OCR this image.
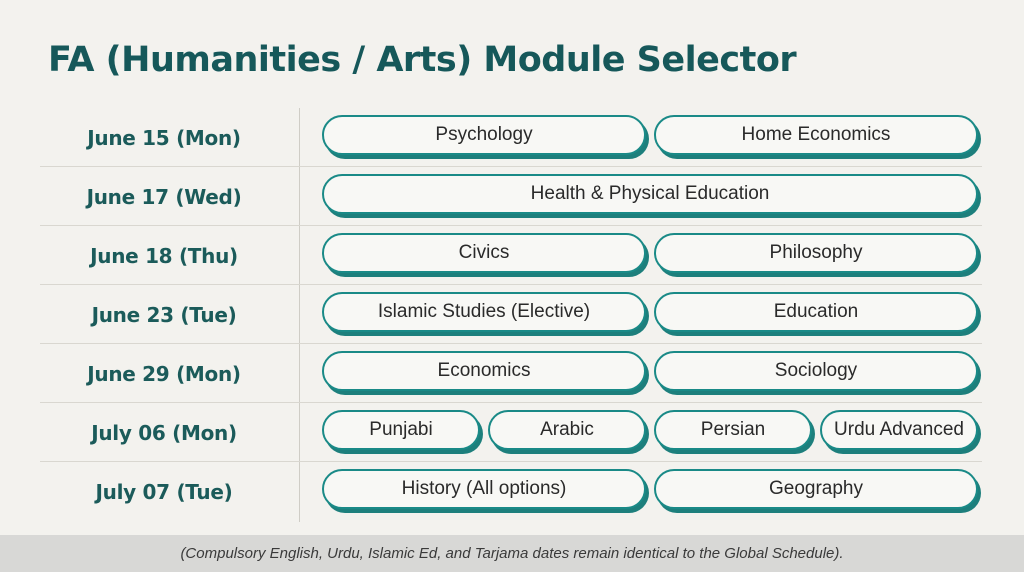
FA (Humanities / Arts) Module Selector
June 15 (Mon)	Psychology	Home Economics
June 17 (Wed)	Health & Physical Education
June 18 (Thu)	Civics	Philosophy
June 23 (Tue)	Islamic Studies (Elective)	Education
June 29 (Mon)	Economics	Sociology
July 06 (Mon)	Punjabi	Arabic	Persian	Urdu Advanced
July 07 (Tue)	History (All options)	Geography
(Compulsory English, Urdu, Islamic Ed, and Tarjama dates remain identical to the Global Schedule).
